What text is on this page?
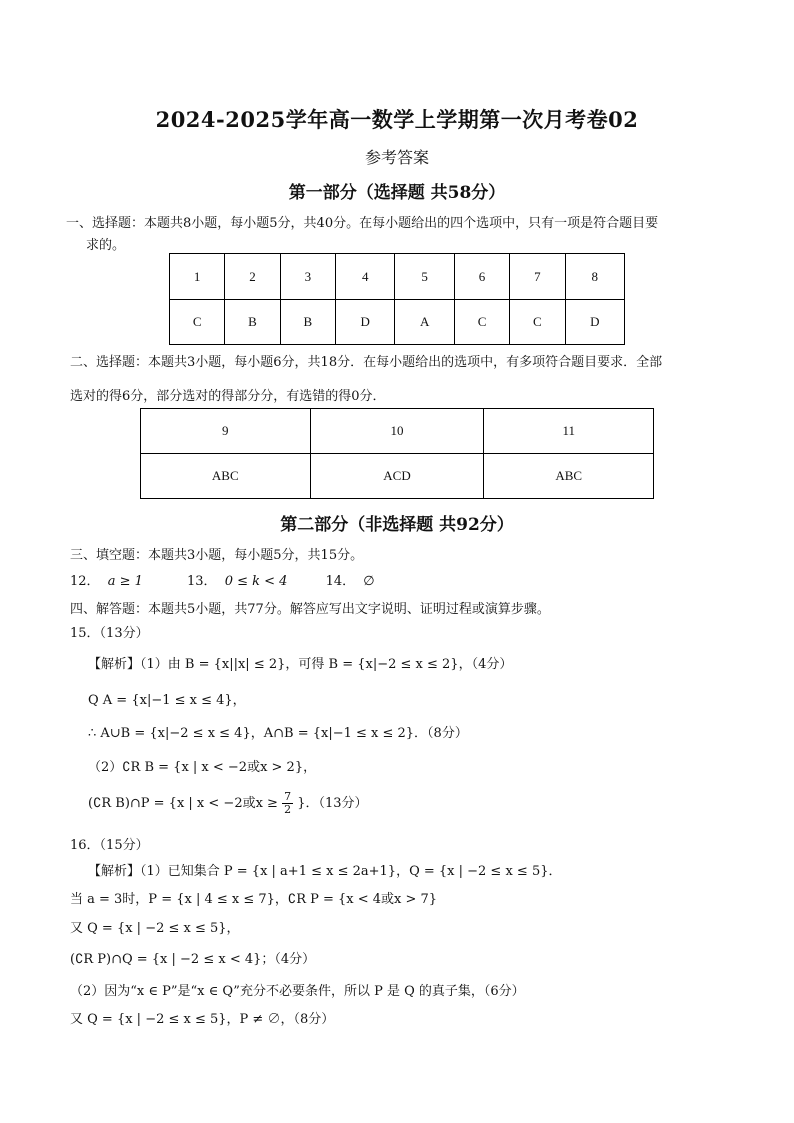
2024-2025学年高一数学上学期第一次月考卷02
参考答案
第一部分（选择题 共58分）
一、选择题：本题共8小题，每小题5分，共40分。在每小题给出的四个选项中，只有一项是符合题目要
求的。
1	2	3	4	5	6	7	8
C	B	B	D	A	C	C	D
二、选择题：本题共3小题，每小题6分，共18分．在每小题给出的选项中，有多项符合题目要求．全部
选对的得6分，部分选对的得部分分，有选错的得0分．
9	10	11
ABC	ACD	ABC
第二部分（非选择题 共92分）
三、填空题：本题共3小题，每小题5分，共15分。
12． a ≥ 1	13． 0 ≤ k < 4	14． ∅
四、解答题：本题共5小题，共77分。解答应写出文字说明、证明过程或演算步骤。
15．（13分）
【解析】（1）由 B = {x||x| ≤ 2}，可得 B = {x|−2 ≤ x ≤ 2}，（4分）
Q A = {x|−1 ≤ x ≤ 4}，
∴ A∪B = {x|−2 ≤ x ≤ 4}，A∩B = {x|−1 ≤ x ≤ 2}．（8分）
（2）∁R B = {x | x < −2或x > 2}，
(∁R B)∩P = {x | x < −2或$x \ge \frac{7}{2}$ }．（13分）
16．（15分）
【解析】（1）已知集合 P = {x | a+1 ≤ x ≤ 2a+1}，Q = {x | −2 ≤ x ≤ 5}．
当 a = 3时，P = {x | 4 ≤ x ≤ 7}，∁R P = {x < 4或x > 7}
又 Q = {x | −2 ≤ x ≤ 5}，
(∁R P)∩Q = {x | −2 ≤ x < 4}；（4分）
（2）因为“x ∈ P”是“x ∈ Q”充分不必要条件，所以 P 是 Q 的真子集，（6分）
又 Q = {x | −2 ≤ x ≤ 5}，P ≠ ∅，（8分）
